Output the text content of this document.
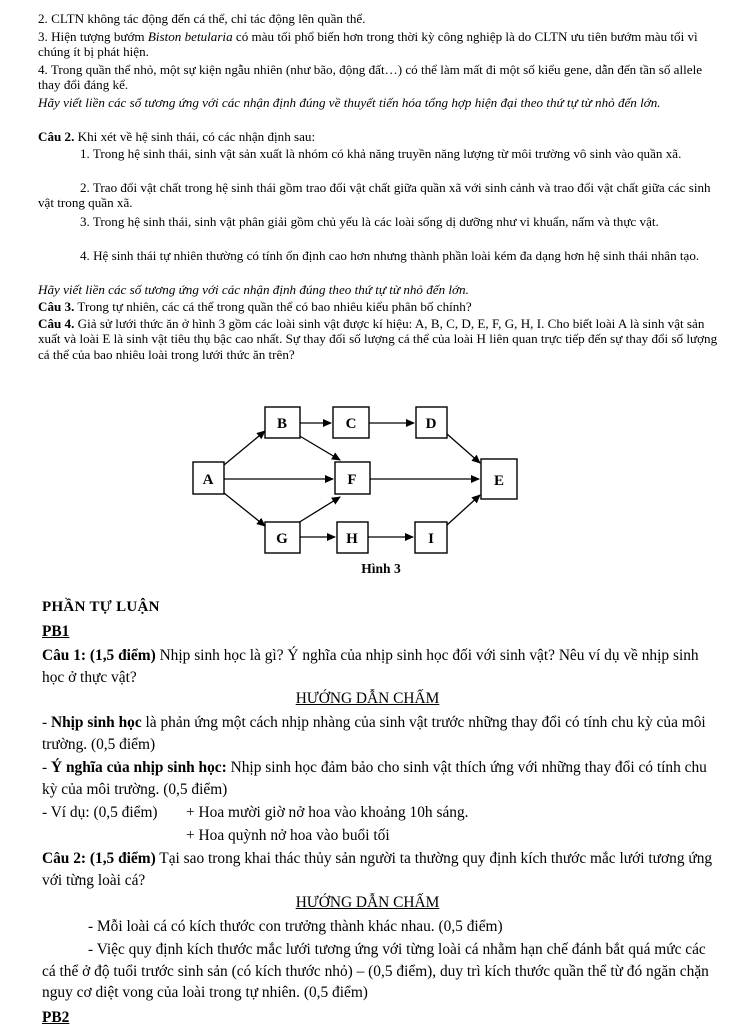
2. CLTN không tác động đến cá thể, chỉ tác động lên quần thể.
3. Hiện tượng bướm Biston betularia có màu tối phổ biến hơn trong thời kỳ công nghiệp là do CLTN ưu tiên bướm màu tối vì chúng ít bị phát hiện.
4. Trong quần thể nhỏ, một sự kiện ngẫu nhiên (như bão, động đất…) có thể làm mất đi một số kiểu gene, dẫn đến tần số allele thay đổi đáng kể.
Hãy viết liền các số tương ứng với các nhận định đúng về thuyết tiến hóa tổng hợp hiện đại theo thứ tự từ nhỏ đến lớn.
Câu 2. Khi xét về hệ sinh thái, có các nhận định sau:
1. Trong hệ sinh thái, sinh vật sản xuất là nhóm có khả năng truyền năng lượng từ môi trường vô sinh vào quần xã.
2. Trao đổi vật chất trong hệ sinh thái gồm trao đổi vật chất giữa quần xã với sinh cảnh và trao đổi vật chất giữa các sinh vật trong quần xã.
3. Trong hệ sinh thái, sinh vật phân giải gồm chủ yếu là các loài sống dị dưỡng như vi khuẩn, nấm và thực vật.
4. Hệ sinh thái tự nhiên thường có tính ổn định cao hơn nhưng thành phần loài kém đa dạng hơn hệ sinh thái nhân tạo.
Hãy viết liền các số tương ứng với các nhận định đúng theo thứ tự từ nhỏ đến lớn.
Câu 3. Trong tự nhiên, các cá thể trong quần thể có bao nhiêu kiểu phân bố chính?
Câu 4. Giả sử lưới thức ăn ở hình 3 gồm các loài sinh vật được kí hiệu: A, B, C, D, E, F, G, H, I. Cho biết loài A là sinh vật sản xuất và loài E là sinh vật tiêu thụ bậc cao nhất. Sự thay đổi số lượng cá thể của loài H liên quan trực tiếp đến sự thay đổi số lượng cá thể của bao nhiêu loài trong lưới thức ăn trên?
A
B	C	D
F	E
G	H	I
Hình 3
PHẦN TỰ LUẬN
PB1
Câu 1: (1,5 điểm) Nhịp sinh học là gì? Ý nghĩa của nhịp sinh học đối với sinh vật? Nêu ví dụ về nhịp sinh học ở thực vật?
HƯỚNG DẪN CHẤM
- Nhịp sinh học là phản ứng một cách nhịp nhàng của sinh vật trước những thay đổi có tính chu kỳ của môi trường. (0,5 điểm)
- Ý nghĩa của nhịp sinh học: Nhịp sinh học đảm bảo cho sinh vật thích ứng với những thay đổi có tính chu kỳ của môi trường. (0,5 điểm)
- Ví dụ: (0,5 điểm)	+ Hoa mười giờ nở hoa vào khoảng 10h sáng.
+ Hoa quỳnh nở hoa vào buổi tối
Câu 2: (1,5 điểm) Tại sao trong khai thác thủy sản người ta thường quy định kích thước mắc lưới tương ứng với từng loài cá?
HƯỚNG DẪN CHẤM
- Mỗi loài cá có kích thước con trưởng thành khác nhau. (0,5 điểm)
- Việc quy định kích thước mắc lưới tương ứng với từng loài cá nhằm hạn chế đánh bắt quá mức các cá thể ở độ tuổi trước sinh sản (có kích thước nhỏ) – (0,5 điểm), duy trì kích thước quần thể từ đó ngăn chặn nguy cơ diệt vong của loài trong tự nhiên. (0,5 điểm)
PB2
